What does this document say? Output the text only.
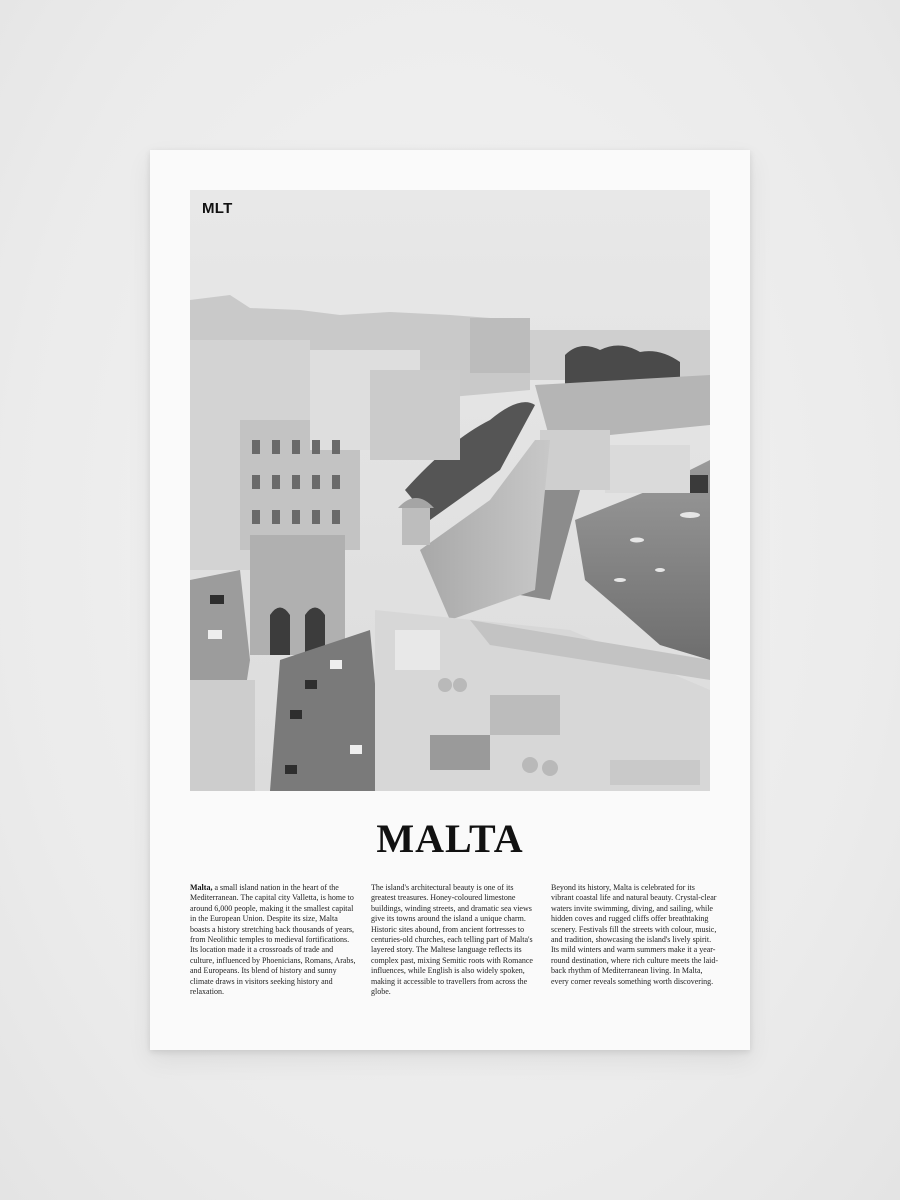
MLT
MALTA
Malta, a small island nation in the heart of the Mediterranean. The capital city Valletta, is home to around 6,000 people, making it the smallest capital in the European Union. Despite its size, Malta boasts a history stretching back thousands of years, from Neolithic temples to medieval fortifications. Its location made it a crossroads of trade and culture, influenced by Phoenicians, Romans, Arabs, and Europeans. Its blend of history and sunny climate draws in visitors seeking history and relaxation.
The island's architectural beauty is one of its greatest treasures. Honey-coloured limestone buildings, winding streets, and dramatic sea views give its towns around the island a unique charm. Historic sites abound, from ancient fortresses to centuries-old churches, each telling part of Malta's layered story. The Maltese language reflects its complex past, mixing Semitic roots with Romance influences, while English is also widely spoken, making it accessible to travellers from across the globe.
Beyond its history, Malta is celebrated for its vibrant coastal life and natural beauty. Crystal-clear waters invite swimming, diving, and sailing, while hidden coves and rugged cliffs offer breathtaking scenery. Festivals fill the streets with colour, music, and tradition, showcasing the island's lively spirit. Its mild winters and warm summers make it a year-round destination, where rich culture meets the laid-back rhythm of Mediterranean living. In Malta, every corner reveals something worth discovering.
